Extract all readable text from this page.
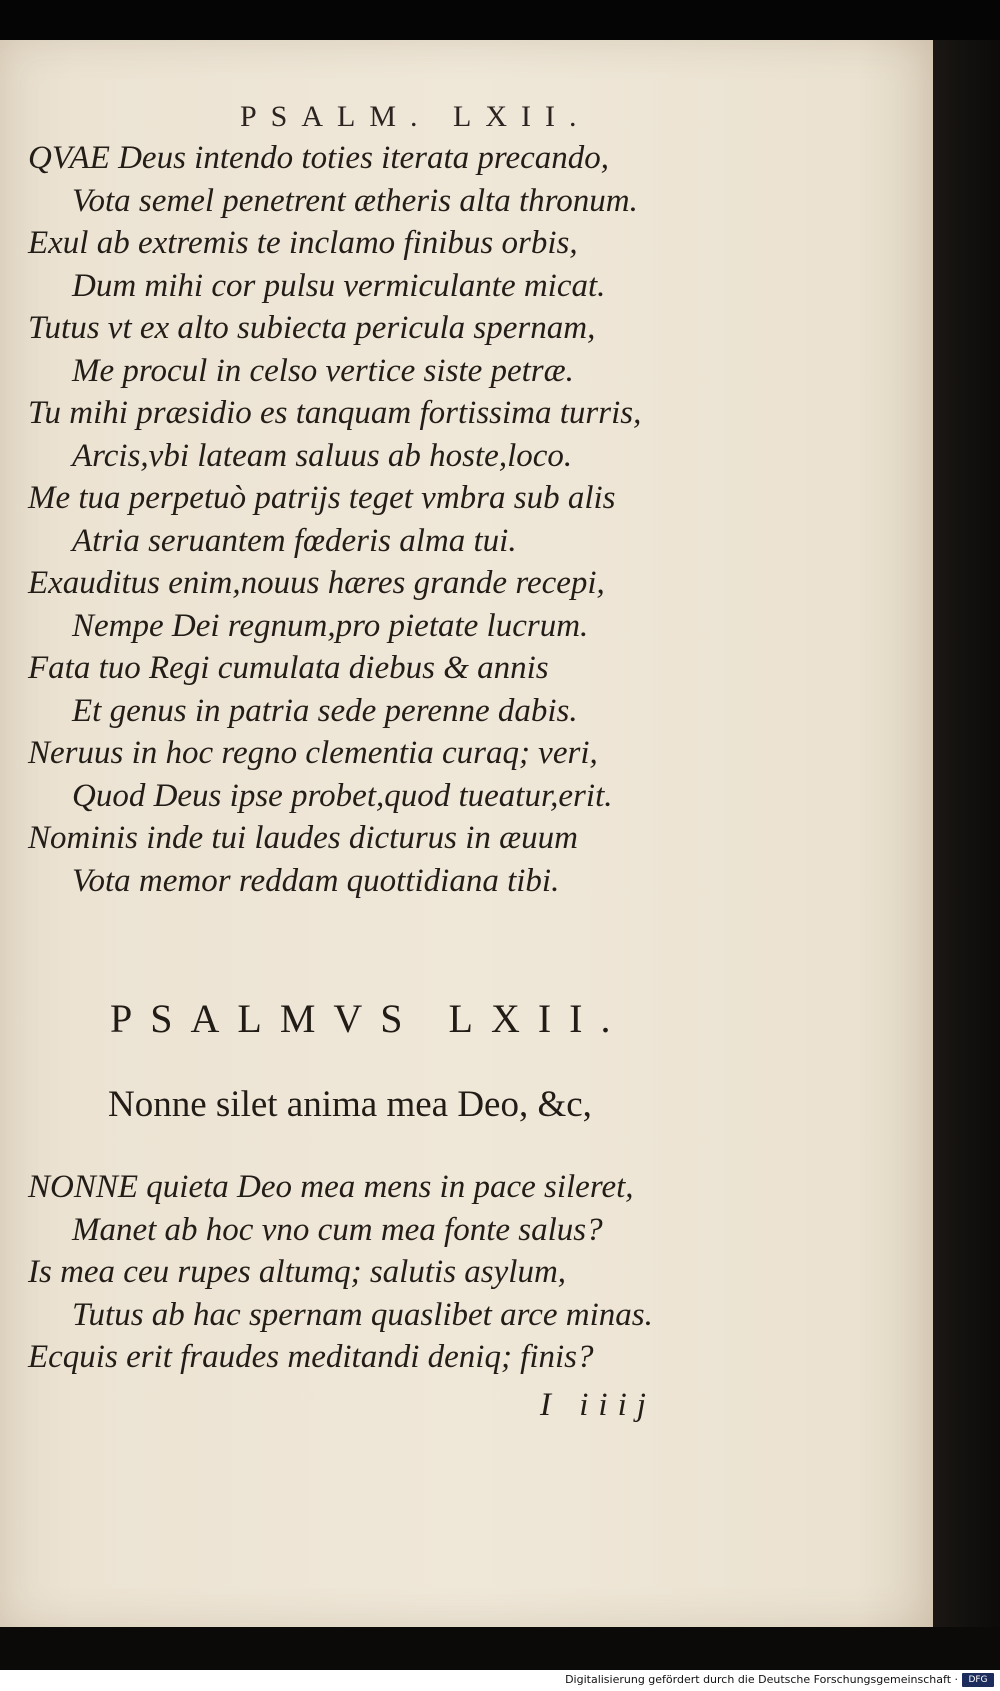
PSALM. LXII.
QVAE Deus intendo toties iterata precando,
Vota semel penetrent ætheris alta thronum.
Exul ab extremis te inclamo finibus orbis,
Dum mihi cor pulsu vermiculante micat.
Tutus vt ex alto subiecta pericula spernam,
Me procul in celso vertice siste petræ.
Tu mihi præsidio es tanquam fortissima turris,
Arcis,vbi lateam saluus ab hoste,loco.
Me tua perpetuò patrijs teget vmbra sub alis
Atria seruantem fœderis alma tui.
Exauditus enim,nouus hæres grande recepi,
Nempe Dei regnum,pro pietate lucrum.
Fata tuo Regi cumulata diebus & annis
Et genus in patria sede perenne dabis.
Neruus in hoc regno clementia curaq; veri,
Quod Deus ipse probet,quod tueatur,erit.
Nominis inde tui laudes dicturus in æuum
Vota memor reddam quottidiana tibi.
PSALMVS LXII.
Nonne silet anima mea Deo, &c,
NONNE quieta Deo mea mens in pace sileret,
Manet ab hoc vno cum mea fonte salus?
Is mea ceu rupes altumq; salutis asylum,
Tutus ab hac spernam quaslibet arce minas.
Ecquis erit fraudes meditandi deniq; finis?
I iiij
Digitalisierung gefördert durch die Deutsche Forschungsgemeinschaft ·	DFG
